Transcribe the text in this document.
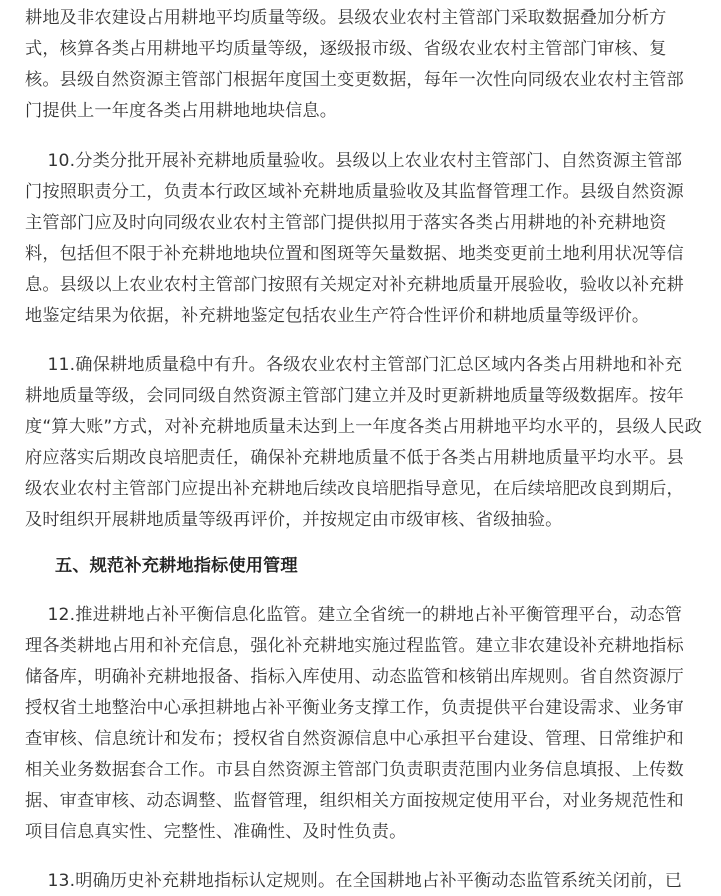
耕地及非农建设占用耕地平均质量等级。县级农业农村主管部门采取数据叠加分析方
式，核算各类占用耕地平均质量等级，逐级报市级、省级农业农村主管部门审核、复
核。县级自然资源主管部门根据年度国土变更数据，每年一次性向同级农业农村主管部
门提供上一年度各类占用耕地地块信息。
10.分类分批开展补充耕地质量验收。县级以上农业农村主管部门、自然资源主管部
门按照职责分工，负责本行政区域补充耕地质量验收及其监督管理工作。县级自然资源
主管部门应及时向同级农业农村主管部门提供拟用于落实各类占用耕地的补充耕地资
料，包括但不限于补充耕地地块位置和图斑等矢量数据、地类变更前土地利用状况等信
息。县级以上农业农村主管部门按照有关规定对补充耕地质量开展验收，验收以补充耕
地鉴定结果为依据，补充耕地鉴定包括农业生产符合性评价和耕地质量等级评价。
11.确保耕地质量稳中有升。各级农业农村主管部门汇总区域内各类占用耕地和补充
耕地质量等级，会同同级自然资源主管部门建立并及时更新耕地质量等级数据库。按年
度“算大账”方式，对补充耕地质量未达到上一年度各类占用耕地平均水平的，县级人民政
府应落实后期改良培肥责任，确保补充耕地质量不低于各类占用耕地质量平均水平。县
级农业农村主管部门应提出补充耕地后续改良培肥指导意见，在后续培肥改良到期后，
及时组织开展耕地质量等级再评价，并按规定由市级审核、省级抽验。
五、规范补充耕地指标使用管理
12.推进耕地占补平衡信息化监管。建立全省统一的耕地占补平衡管理平台，动态管
理各类耕地占用和补充信息，强化补充耕地实施过程监管。建立非农建设补充耕地指标
储备库，明确补充耕地报备、指标入库使用、动态监管和核销出库规则。省自然资源厅
授权省土地整治中心承担耕地占补平衡业务支撑工作，负责提供平台建设需求、业务审
查审核、信息统计和发布；授权省自然资源信息中心承担平台建设、管理、日常维护和
相关业务数据套合工作。市县自然资源主管部门负责职责范围内业务信息填报、上传数
据、审查审核、动态调整、监督管理，组织相关方面按规定使用平台，对业务规范性和
项目信息真实性、完整性、准确性、及时性负责。
13.明确历史补充耕地指标认定规则。在全国耕地占补平衡动态监管系统关闭前，已
